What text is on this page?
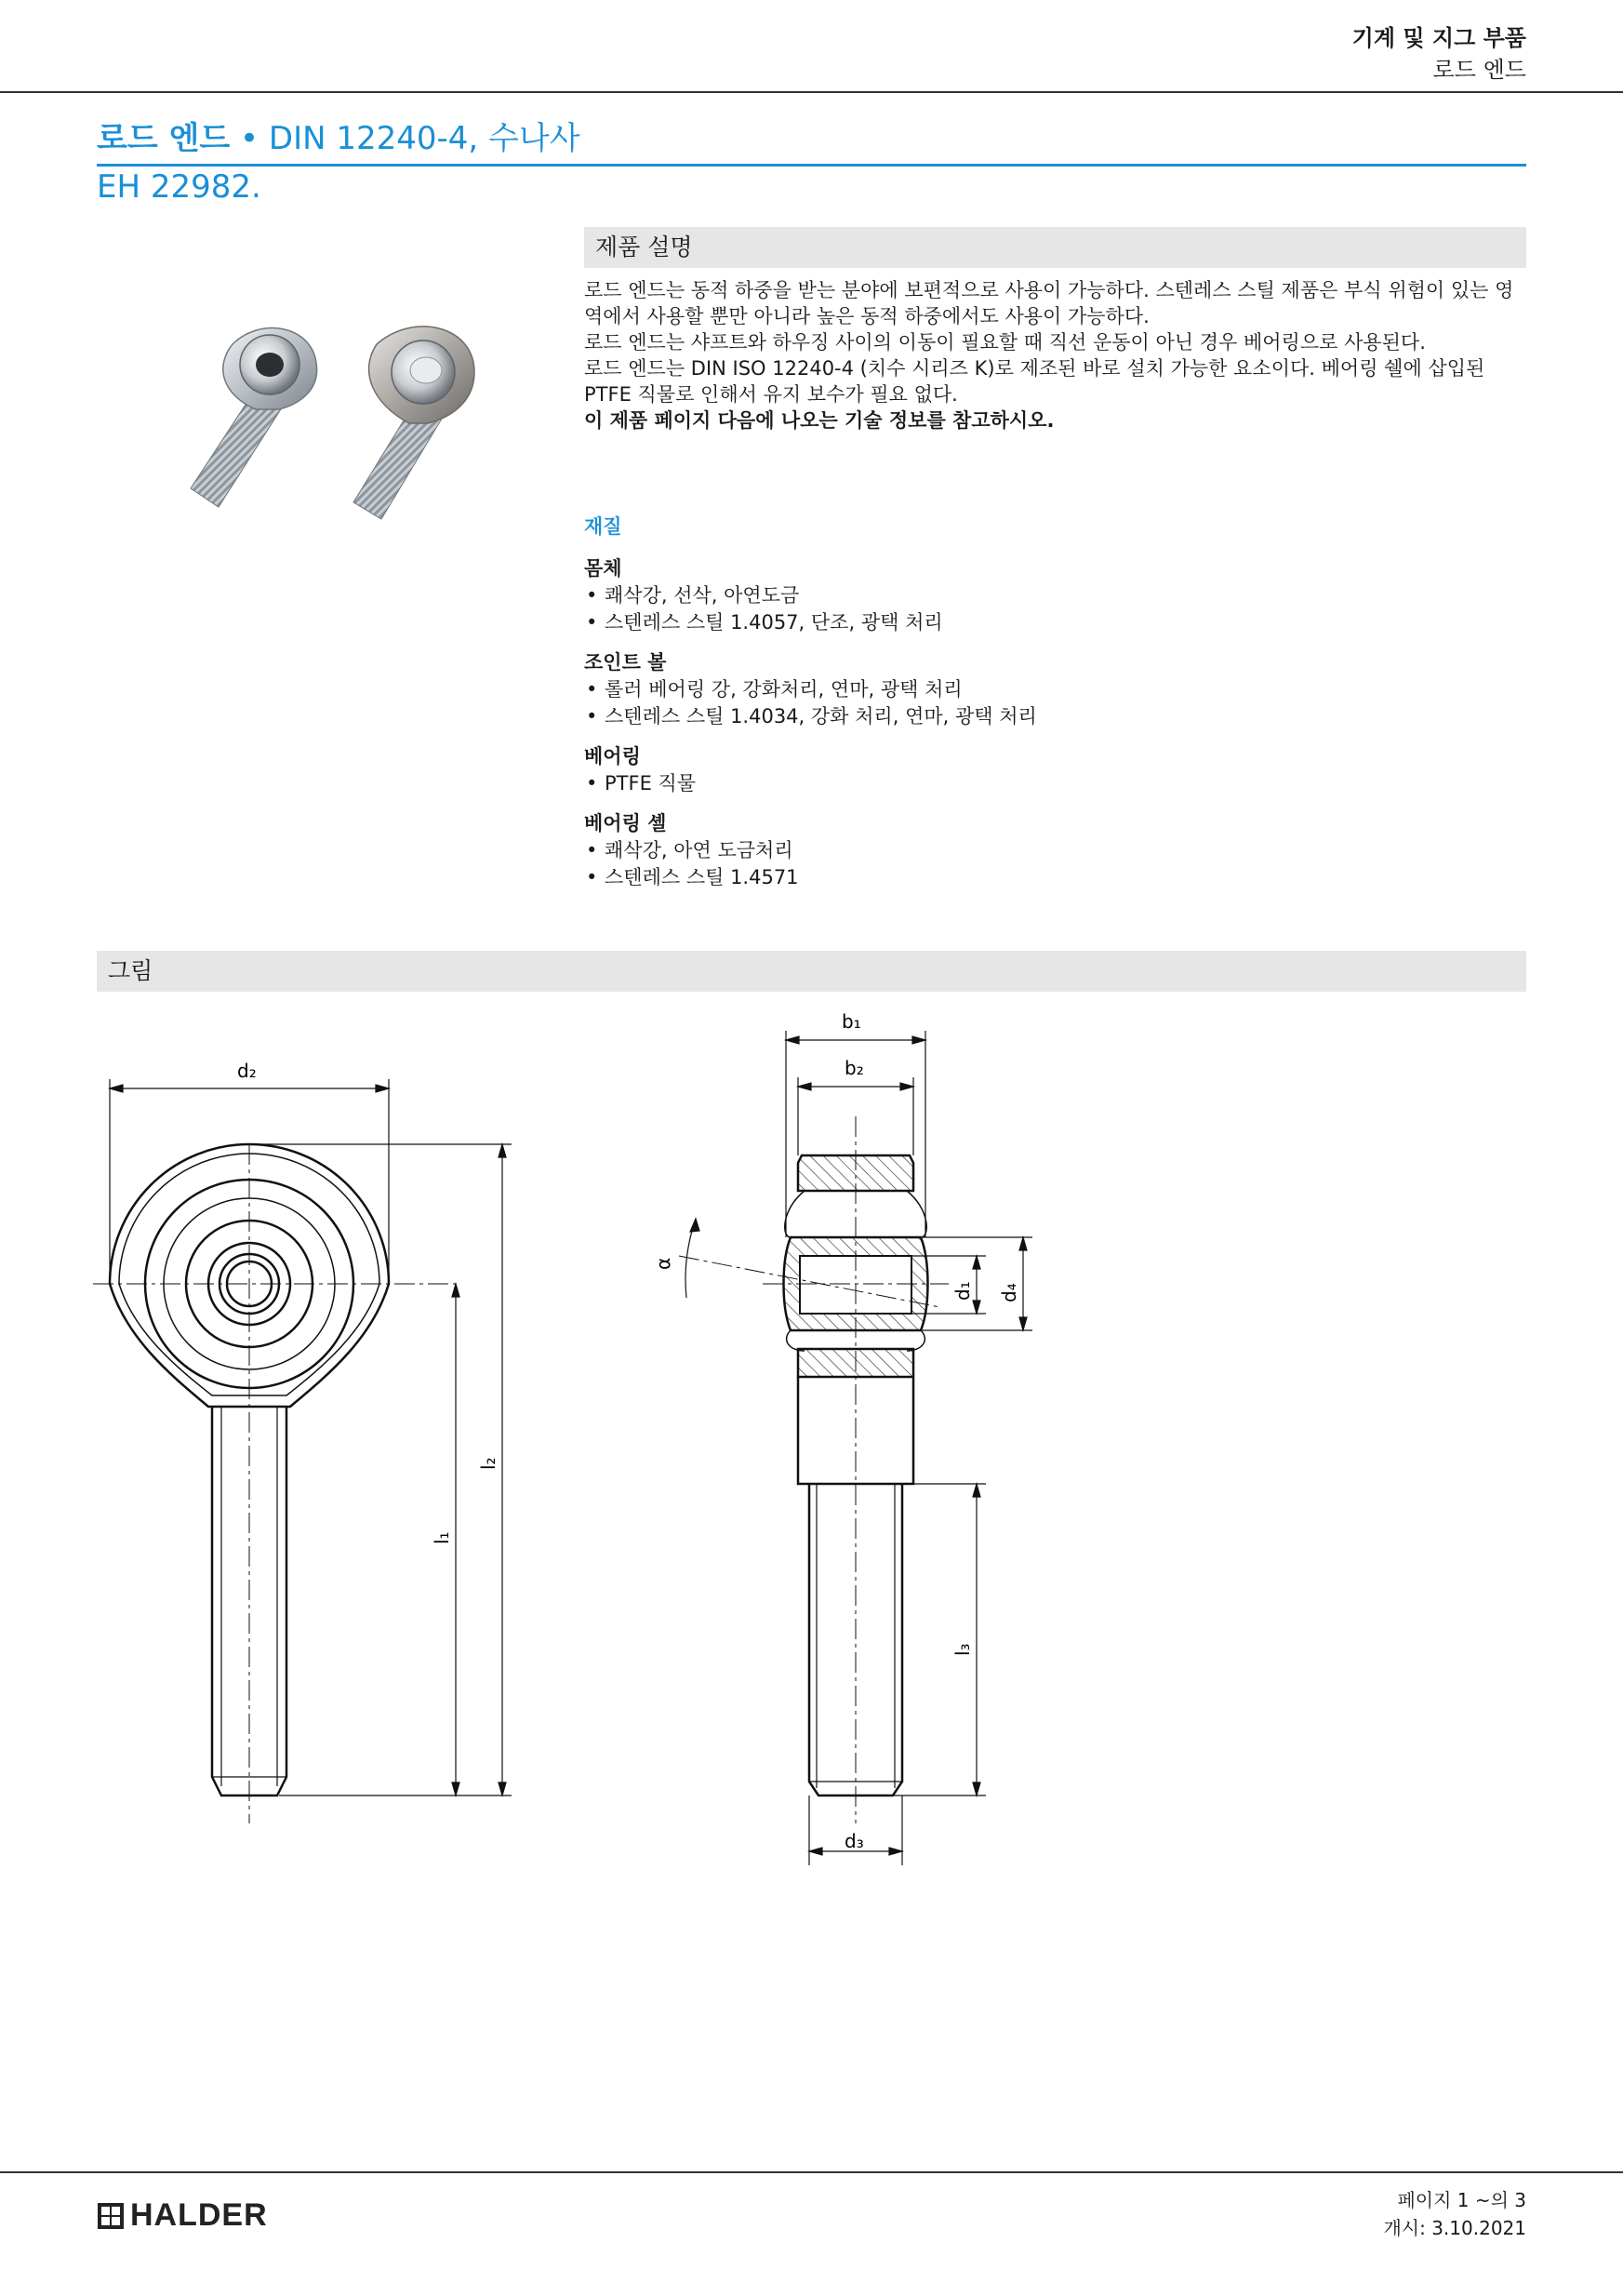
기계 및 지그 부품
로드 엔드
로드 엔드 • DIN 12240-4, 수나사
EH 22982.
제품 설명

로드 엔드는 동적 하중을 받는 분야에 보편적으로 사용이 가능하다. 스텐레스 스틸 제품은 부식 위험이 있는 영역에서 사용할 뿐만 아니라 높은 동적 하중에서도 사용이 가능하다.

로드 엔드는 샤프트와 하우징 사이의 이동이 필요할 때 직선 운동이 아닌 경우 베어링으로 사용된다.

로드 엔드는 DIN ISO 12240-4 (치수 시리즈 K)로 제조된 바로 설치 가능한 요소이다. 베어링 쉘에 삽입된 PTFE 직물로 인해서 유지 보수가 필요 없다.

이 제품 페이지 다음에 나오는 기술 정보를 참고하시오.

재질
몸체
• 쾌삭강, 선삭, 아연도금
• 스텐레스 스틸 1.4057, 단조, 광택 처리
조인트 볼
• 롤러 베어링 강, 강화처리, 연마, 광택 처리
• 스텐레스 스틸 1.4034, 강화 처리, 연마, 광택 처리
베어링
• PTFE 직물
베어링 셸
• 쾌삭강, 아연 도금처리
• 스텐레스 스틸 1.4571
그림
d₂
l₁
l₂
b₁
b₂
α
d₁ d₄
l₃
d₃
HALDER	페이지 1 ~의 3
개시: 3.10.2021
